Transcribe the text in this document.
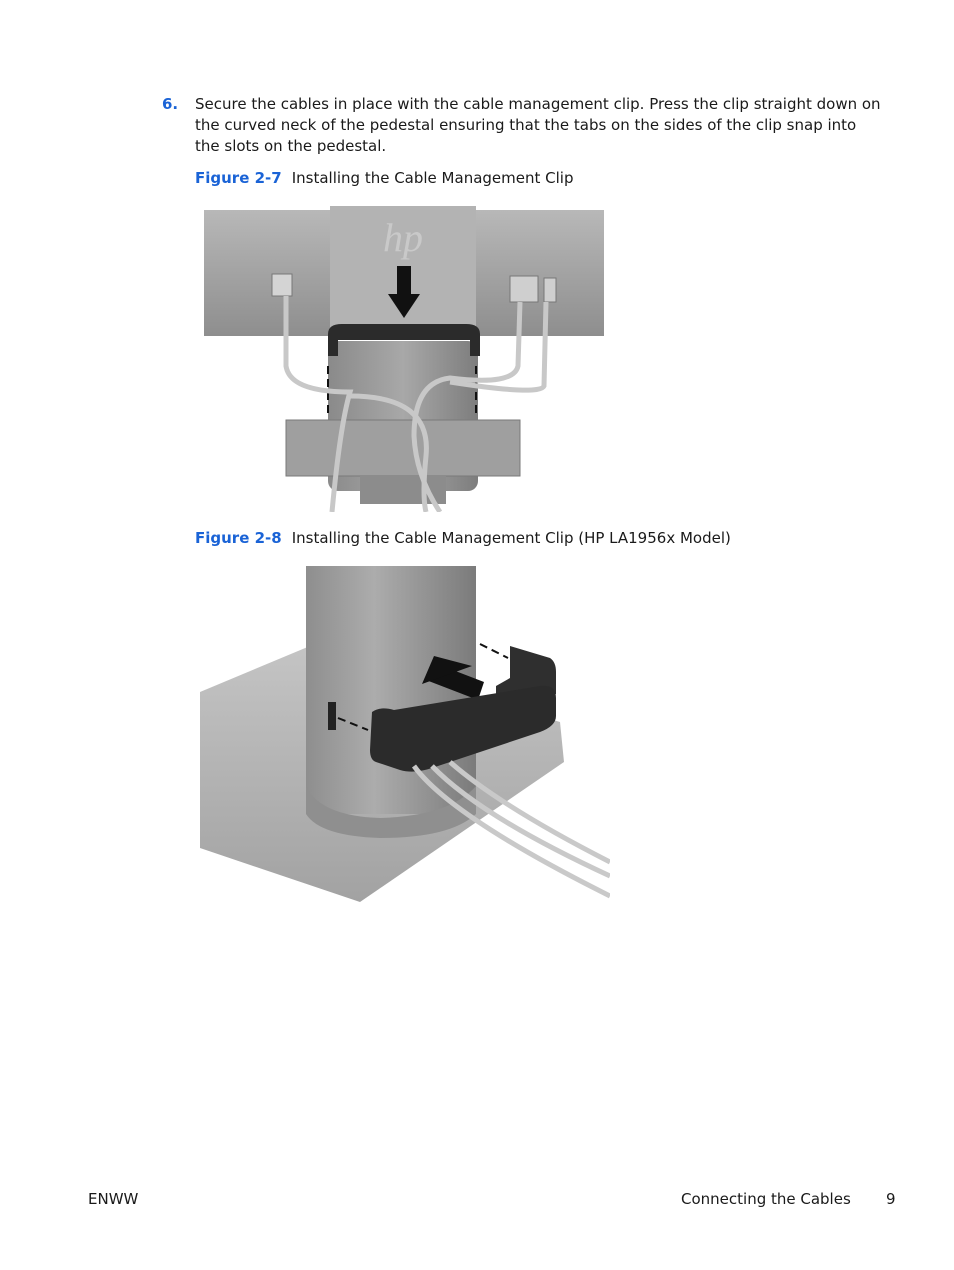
6. Secure the cables in place with the cable management clip. Press the clip straight down on the curved neck of the pedestal ensuring that the tabs on the sides of the clip snap into the slots on the pedestal.
Figure 2-7 Installing the Cable Management Clip
hp
Figure 2-8 Installing the Cable Management Clip (HP LA1956x Model)
ENWW	Connecting the Cables 9
